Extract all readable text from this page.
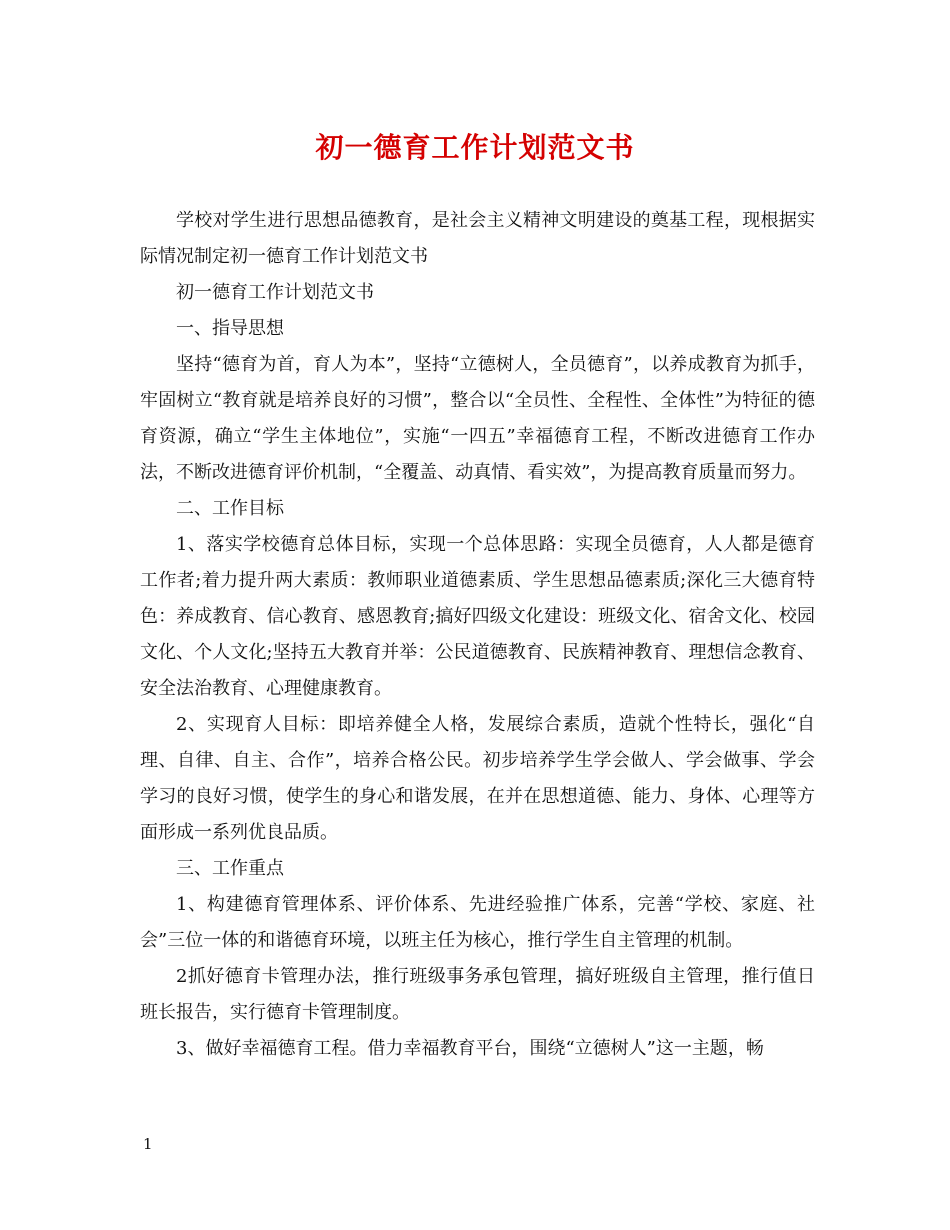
初一德育工作计划范文书

学校对学生进行思想品德教育，是社会主义精神文明建设的奠基工程，现根据实际情况制定初一德育工作计划范文书

初一德育工作计划范文书

一、指导思想

坚持“德育为首，育人为本”，坚持“立德树人，全员德育”，以养成教育为抓手，牢固树立“教育就是培养良好的习惯”，整合以“全员性、全程性、全体性”为特征的德育资源，确立“学生主体地位”，实施“一四五”幸福德育工程，不断改进德育工作办法，不断改进德育评价机制，“全覆盖、动真情、看实效”，为提高教育质量而努力。

二、工作目标

1、落实学校德育总体目标，实现一个总体思路：实现全员德育，人人都是德育工作者;着力提升两大素质：教师职业道德素质、学生思想品德素质;深化三大德育特色：养成教育、信心教育、感恩教育;搞好四级文化建设：班级文化、宿舍文化、校园文化、个人文化;坚持五大教育并举：公民道德教育、民族精神教育、理想信念教育、安全法治教育、心理健康教育。

2、实现育人目标：即培养健全人格，发展综合素质，造就个性特长，强化“自理、自律、自主、合作”，培养合格公民。初步培养学生学会做人、学会做事、学会学习的良好习惯，使学生的身心和谐发展，在并在思想道德、能力、身体、心理等方面形成一系列优良品质。

三、工作重点

1、构建德育管理体系、评价体系、先进经验推广体系，完善“学校、家庭、社会”三位一体的和谐德育环境，以班主任为核心，推行学生自主管理的机制。

2抓好德育卡管理办法，推行班级事务承包管理，搞好班级自主管理，推行值日班长报告，实行德育卡管理制度。

3、做好幸福德育工程。借力幸福教育平台，围绕“立德树人”这一主题，畅

1
